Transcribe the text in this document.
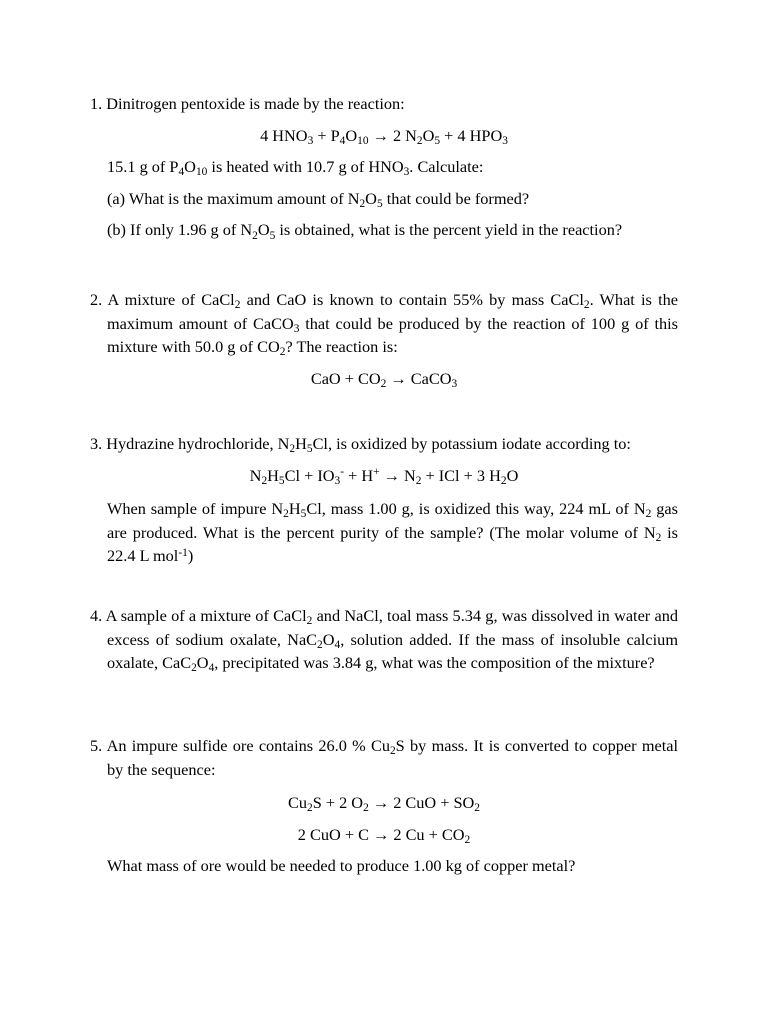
1. Dinitrogen pentoxide is made by the reaction:

4 $HNO_3 + P_4O_{10} \to 2$ $N_2O_5 + 4$ $HPO_3$

15.1 g of $P_4O_{10}$ is heated with 10.7 g of $HNO_3$. Calculate:

(a) What is the maximum amount of $N_2O_5$ that could be formed?

(b) If only 1.96 g of $N_2O_5$ is obtained, what is the percent yield in the reaction?

2. A mixture of CaCl$_2$ and CaO is known to contain 55% by mass CaCl$_2$. What is the maximum amount of CaCO$_3$ that could be produced by the reaction of 100 g of this mixture with 50.0 g of $CO_2$? The reaction is:

CaO + $CO_2$ → CaCO$_3$

3. Hydrazine hydrochloride, $N_2H_5Cl$, is oxidized by potassium iodate according to:

$N_2H_5Cl + IO_3^- + H^+ \to N_2$ + ICl + 3 $H_2O$

When sample of impure $N_2H_5Cl$, mass 1.00 g, is oxidized this way, 224 mL of $N_2$ gas are produced. What is the percent purity of the sample? (The molar volume of $N_2$ is 22.4 L mol$^{-1}$)

4. A sample of a mixture of CaCl$_2$ and NaCl, toal mass 5.34 g, was dissolved in water and excess of sodium oxalate, $NaC_2O_4$, solution added. If the mass of insoluble calcium oxalate, $CaC_2O_4$, precipitated was 3.84 g, what was the composition of the mixture?

5. An impure sulfide ore contains 26.0 % $Cu_2S$ by mass. It is converted to copper metal by the sequence:

$Cu_2S + 2$ $O_2 \to 2$ CuO + $SO_2$

2 CuO + C → 2 $Cu + CO_2$

What mass of ore would be needed to produce 1.00 kg of copper metal?
